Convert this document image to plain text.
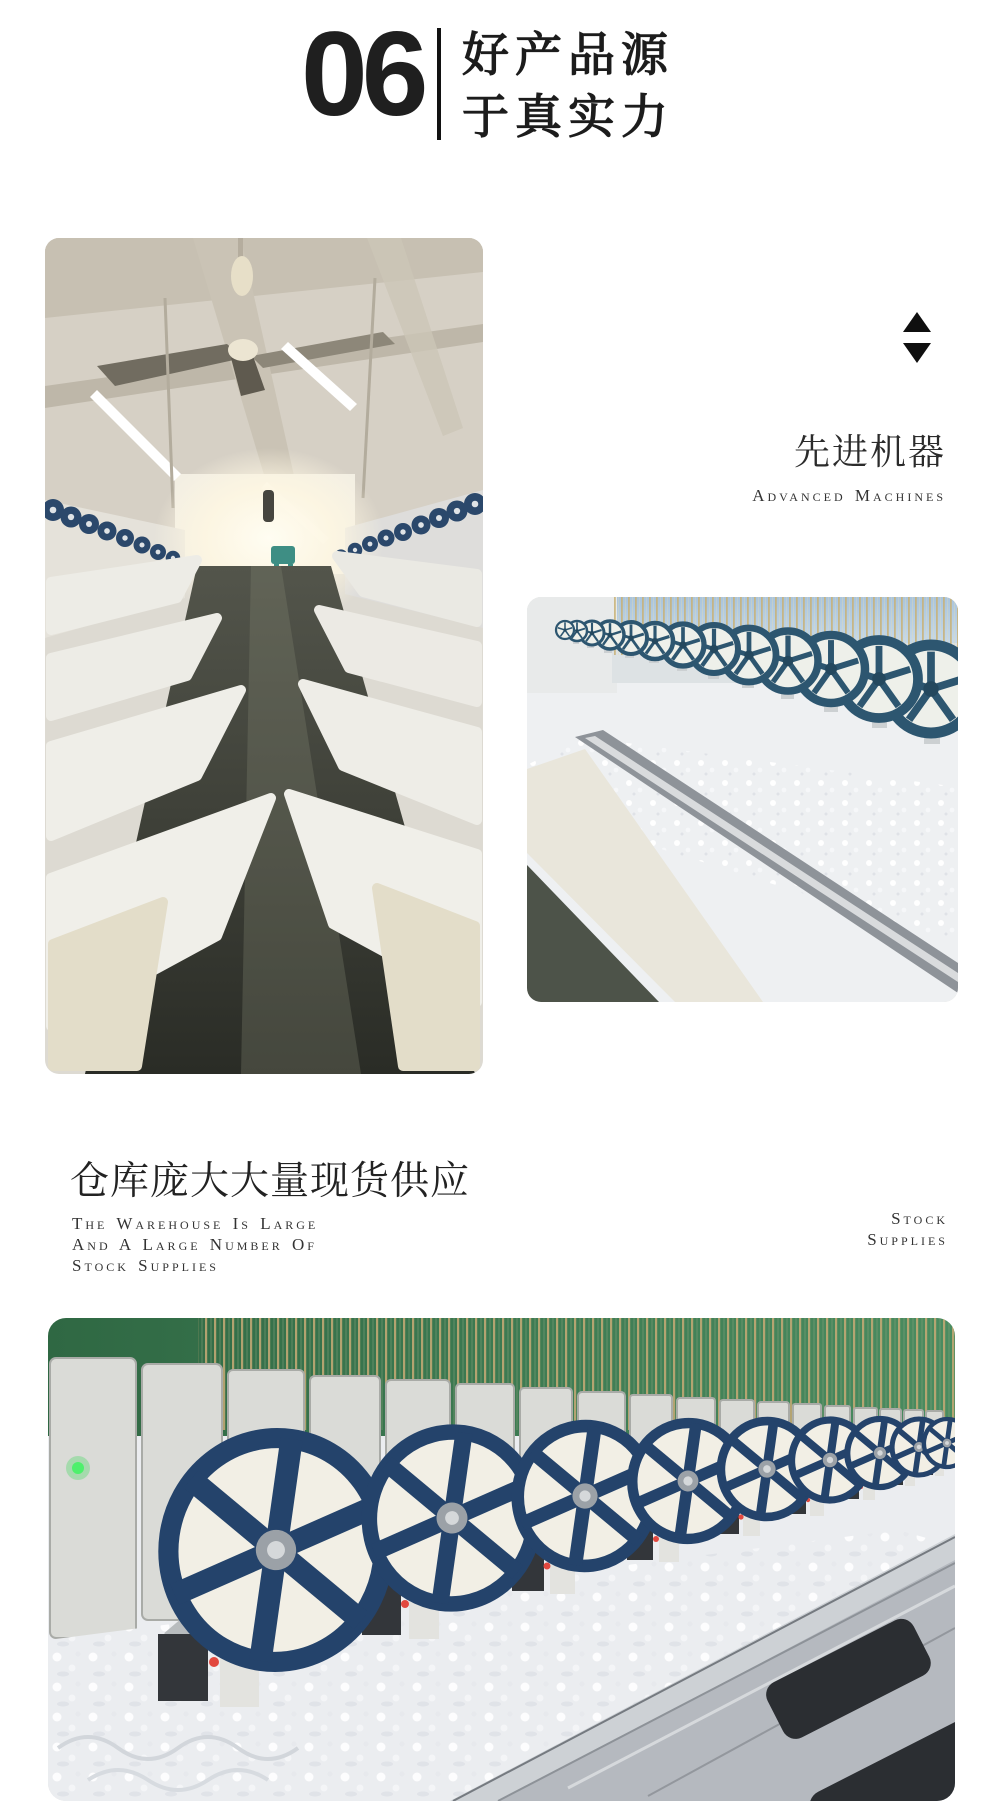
06 好产品源
于真实力
先进机器
Advanced Machines
仓库庞大大量现货供应
The Warehouse Is Large
And A Large Number Of
Stock Supplies
Stock
Supplies
